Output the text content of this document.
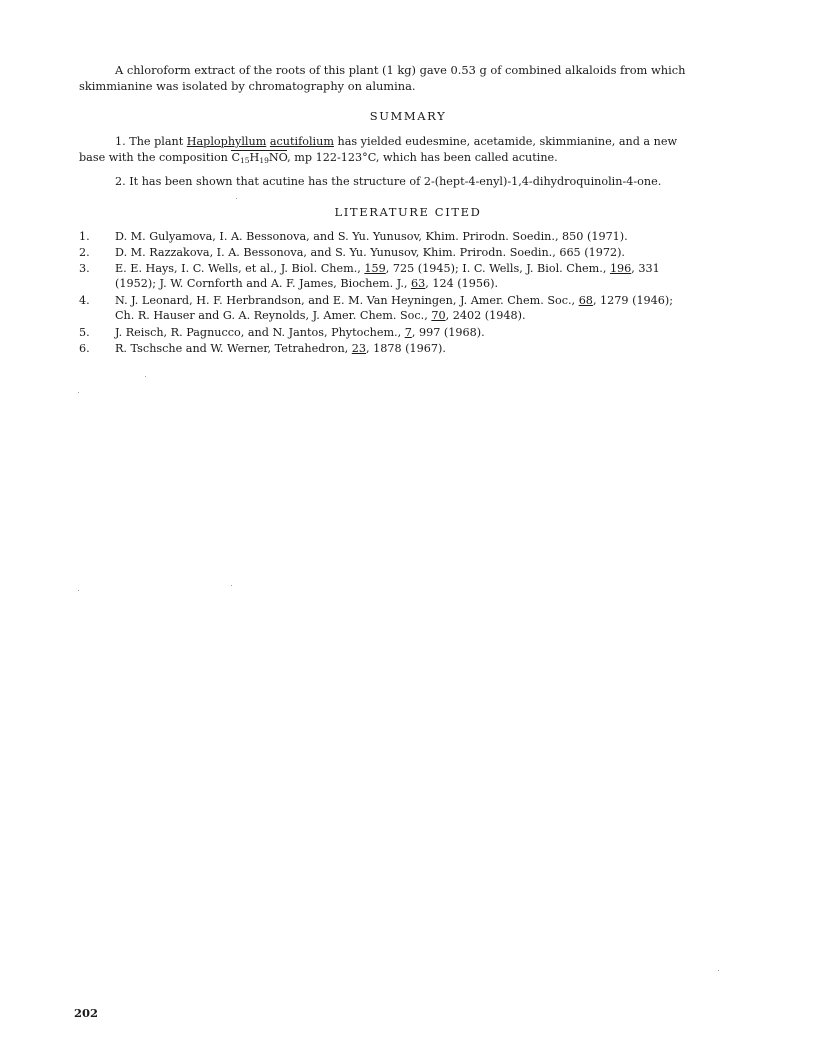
A chloroform extract of the roots of this plant (1 kg) gave 0.53 g of combined alkaloids from which
skimmianine was isolated by chromatography on alumina.
SUMMARY
1. The plant Haplophyllum acutifolium has yielded eudesmine, acetamide, skimmianine, and a new
base with the composition $C_{15}H_{19}NO$, mp 122-123°C, which has been called acutine.
2. It has been shown that acutine has the structure of 2-(hept-4-enyl)-1,4-dihydroquinolin-4-one.
LITERATURE CITED
1. D. M. Gulyamova, I. A. Bessonova, and S. Yu. Yunusov, Khim. Prirodn. Soedin., 850 (1971).
2. D. M. Razzakova, I. A. Bessonova, and S. Yu. Yunusov, Khim. Prirodn. Soedin., 665 (1972).
3. E. E. Hays, I. C. Wells, et al., J. Biol. Chem., 159, 725 (1945); I. C. Wells, J. Biol. Chem., 196, 331
(1952); J. W. Cornforth and A. F. James, Biochem. J., 63, 124 (1956).
4. N. J. Leonard, H. F. Herbrandson, and E. M. Van Heyningen, J. Amer. Chem. Soc., 68, 1279 (1946);
Ch. R. Hauser and G. A. Reynolds, J. Amer. Chem. Soc., 70, 2402 (1948).
5. J. Reisch, R. Pagnucco, and N. Jantos, Phytochem., 7, 997 (1968).
6. R. Tschsche and W. Werner, Tetrahedron, 23, 1878 (1967).
202
